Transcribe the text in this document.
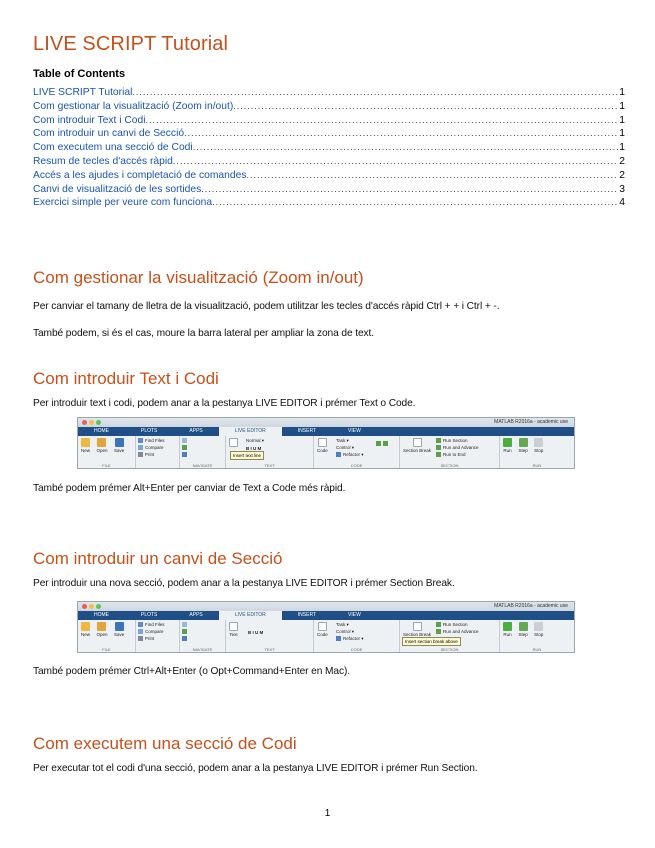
LIVE SCRIPT Tutorial
Table of Contents
LIVE SCRIPT Tutorial .....	1
Com gestionar la visualització (Zoom in/out) .....	1
Com introduir Text i Codi .....	1
Com introduir un canvi de Secció .....	1
Com executem una secció de Codi .....	1
Resum de tecles d'accés ràpid .....	2
Accés a les ajudes i completació de comandes .....	2
Canvi de visualització de les sortides .....	3
Exercici simple per veure com funciona .....	4
Com gestionar la visualització (Zoom in/out)
Per canviar el tamany de lletra de la visualització, podem utilitzar les tecles d'accés ràpid Ctrl + + i Ctrl + -.
També podem, si és el cas, moure la barra lateral per ampliar la zona de text.
Com introduir Text i Codi
Per introduir text i codi, podem anar a la pestanya LIVE EDITOR i prémer Text o Code.
MATLAB R2016a - academic use
HOME	PLOTS	APPS	LIVE EDITOR	INSERT	VIEW
New Open Save
FILE
Find Files
Compare
Print
NAVIGATE
Normal ▾
B I U M
Insert text line
TEXT
Code
Task ▾
Control ▾
Refactor ▾
CODE
Section Break
Run Section
Run and Advance
Run to End
SECTION
Run Step Stop
RUN
També podem prémer Alt+Enter per canviar de Text a Code més ràpid.
Com introduir un canvi de Secció
Per introduir una nova secció, podem anar a la pestanya LIVE EDITOR i prémer Section Break.
MATLAB R2016a - academic use
HOME	PLOTS	APPS	LIVE EDITOR	INSERT	VIEW
New Open Save
FILE
Find Files
Compare
Print
NAVIGATE
Text B I U M
TEXT
Code
Task ▾
Control ▾
Refactor ▾
CODE
Section Break
Run Section
Run and Advance
Insert section break above
SECTION
Run Step Stop
RUN
També podem prémer Ctrl+Alt+Enter (o Opt+Command+Enter en Mac).
Com executem una secció de Codi
Per executar tot el codi d'una secció, podem anar a la pestanya LIVE EDITOR i prémer Run Section.
1
